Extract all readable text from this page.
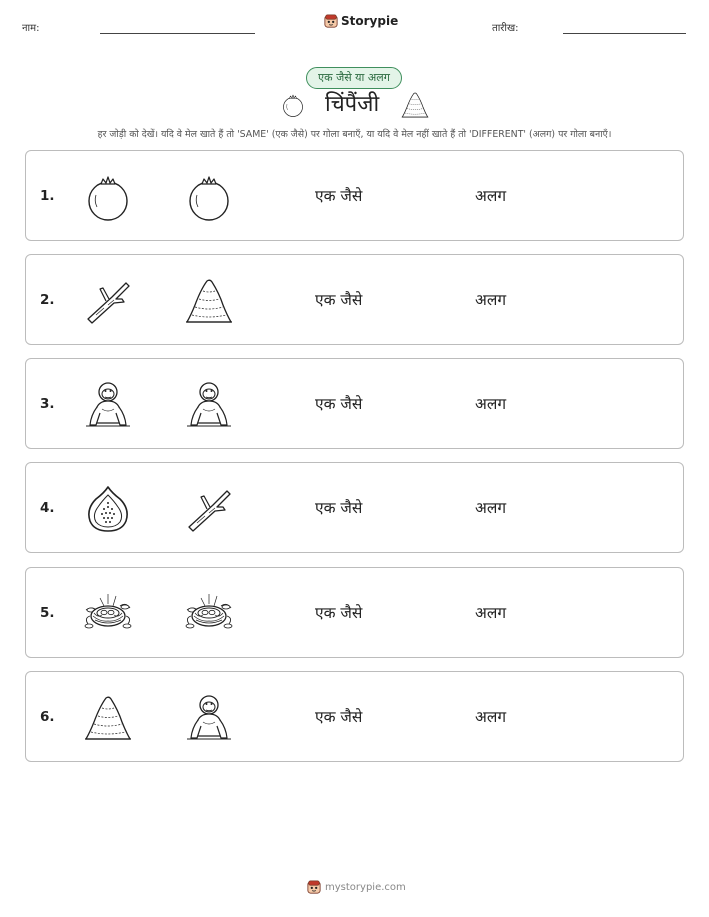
नाम:
Storypie
तारीख:
एक जैसे या अलग
चिंपैंजी
हर जोड़ी को देखें। यदि वे मेल खाते हैं तो 'SAME' (एक जैसे) पर गोला बनाएँ, या यदि वे मेल नहीं खाते हैं तो 'DIFFERENT' (अलग) पर गोला बनाएँ।
1.	एक जैसे	अलग
2.	एक जैसे	अलग
3.	एक जैसे	अलग
4.	एक जैसे	अलग
5.	एक जैसे	अलग
6.	एक जैसे	अलग
mystorypie.com
